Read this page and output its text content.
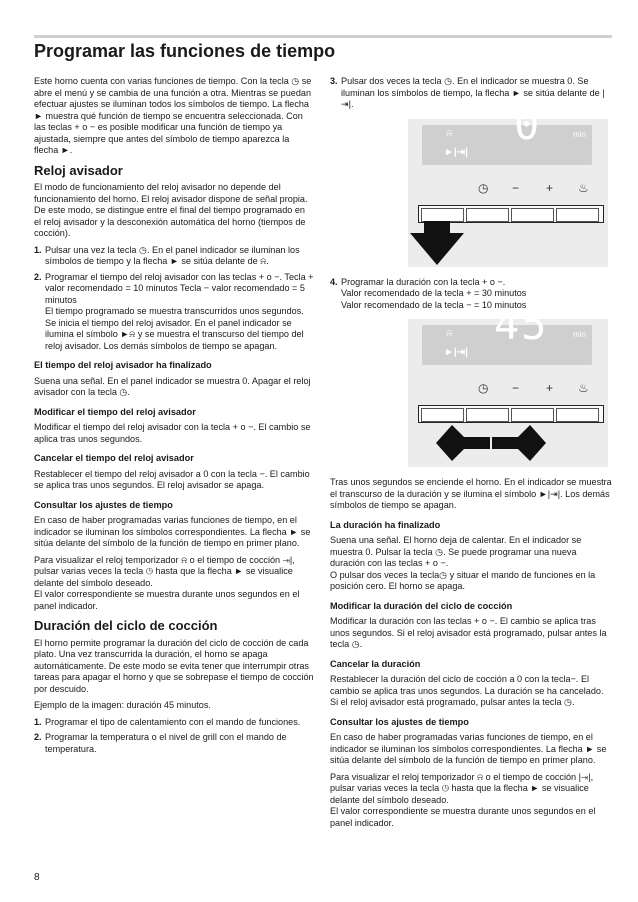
Programar las funciones de tiempo

Este horno cuenta con varias funciones de tiempo. Con la tecla ◷ se abre el menú y se cambia de una función a otra. Mientras se puedan efectuar ajustes se iluminan todos los símbolos de tiempo. La flecha ► muestra qué función de tiempo se encuentra seleccionada. Con las teclas + o − es posible modificar una función de tiempo ya ajustada, siempre que antes del símbolo de tiempo aparezca la flecha ►.

Reloj avisador

El modo de funcionamiento del reloj avisador no depende del funcionamiento del horno. El reloj avisador dispone de señal propia. De este modo, se distingue entre el final del tiempo programado en el reloj avisador y la desconexión automática del horno (tiempos de cocción).

1. Pulsar una vez la tecla ◷. En el panel indicador se iluminan los símbolos de tiempo y la flecha ► se sitúa delante de ⍾.
2. Programar el tiempo del reloj avisador con las teclas + o −. Tecla + valor recomendado = 10 minutos Tecla − valor recomendado = 5 minutos
El tiempo programado se muestra transcurridos unos segundos. Se inicia el tiempo del reloj avisador. En el panel indicador se ilumina el símbolo ►⍾ y se muestra el transcurso del tiempo del reloj avisador. Los demás símbolos de tiempo se apagan.
El tiempo del reloj avisador ha finalizado

Suena una señal. En el panel indicador se muestra 0. Apagar el reloj avisador con la tecla ◷.

Modificar el tiempo del reloj avisador

Modificar el tiempo del reloj avisador con la tecla + o −. El cambio se aplica tras unos segundos.

Cancelar el tiempo del reloj avisador

Restablecer el tiempo del reloj avisador a 0 con la tecla −. El cambio se aplica tras unos segundos. El reloj avisador se apaga.

Consultar los ajustes de tiempo

En caso de haber programadas varias funciones de tiempo, en el indicador se iluminan los símbolos correspondientes. La flecha ► se sitúa delante del símbolo de la función de tiempo en primer plano.

Para visualizar el reloj temporizador ⍾ o el tiempo de cocción ⇥|, pulsar varias veces la tecla ◷ hasta que la flecha ► se visualice delante del símbolo deseado.
El valor correspondiente se muestra durante unos segundos en el panel indicador.

Duración del ciclo de cocción

El horno permite programar la duración del ciclo de cocción de cada plato. Una vez transcurrida la duración, el horno se apaga automáticamente. De este modo se evita tener que interrumpir otras tareas para apagar el horno y que se sobrepase el tiempo de cocción por descuido.

Ejemplo de la imagen: duración 45 minutos.

1. Programar el tipo de calentamiento con el mando de funciones.
2. Programar la temperatura o el nivel de grill con el mando de temperatura.
3. Pulsar dos veces la tecla ◷. En el indicador se muestra 0. Se iluminan los símbolos de tiempo, la flecha ► se sitúa delante de |⇥|.
⍾
►|⇥|
0	min
◷ − + ♨
4. Programar la duración con la tecla + o −.
Valor recomendado de la tecla + = 30 minutos
Valor recomendado de la tecla − = 10 minutos
⍾
►|⇥|
45	min
◷ − + ♨

Tras unos segundos se enciende el horno. En el indicador se muestra el transcurso de la duración y se ilumina el símbolo ►|⇥|. Los demás símbolos de tiempo se apagan.

La duración ha finalizado

Suena una señal. El horno deja de calentar. En el indicador se muestra 0. Pulsar la tecla ◷. Se puede programar una nueva duración con las teclas + o −.
O pulsar dos veces la tecla◷ y situar el mando de funciones en la posición cero. El horno se apaga.

Modificar la duración del ciclo de cocción

Modificar la duración con las teclas + o −. El cambio se aplica tras unos segundos. Si el reloj avisador está programado, pulsar antes la tecla ◷.

Cancelar la duración

Restablecer la duración del ciclo de cocción a 0 con la tecla−. El cambio se aplica tras unos segundos. La duración se ha cancelado. Si el reloj avisador está programado, pulsar antes la tecla ◷.

Consultar los ajustes de tiempo

En caso de haber programadas varias funciones de tiempo, en el indicador se iluminan los símbolos correspondientes. La flecha ► se sitúa delante del símbolo de la función de tiempo en primer plano.

Para visualizar el reloj temporizador ⍾ o el tiempo de cocción |⇥|, pulsar varias veces la tecla ◷ hasta que la flecha ► se visualice delante del símbolo deseado.
El valor correspondiente se muestra durante unos segundos en el panel indicador.

8
